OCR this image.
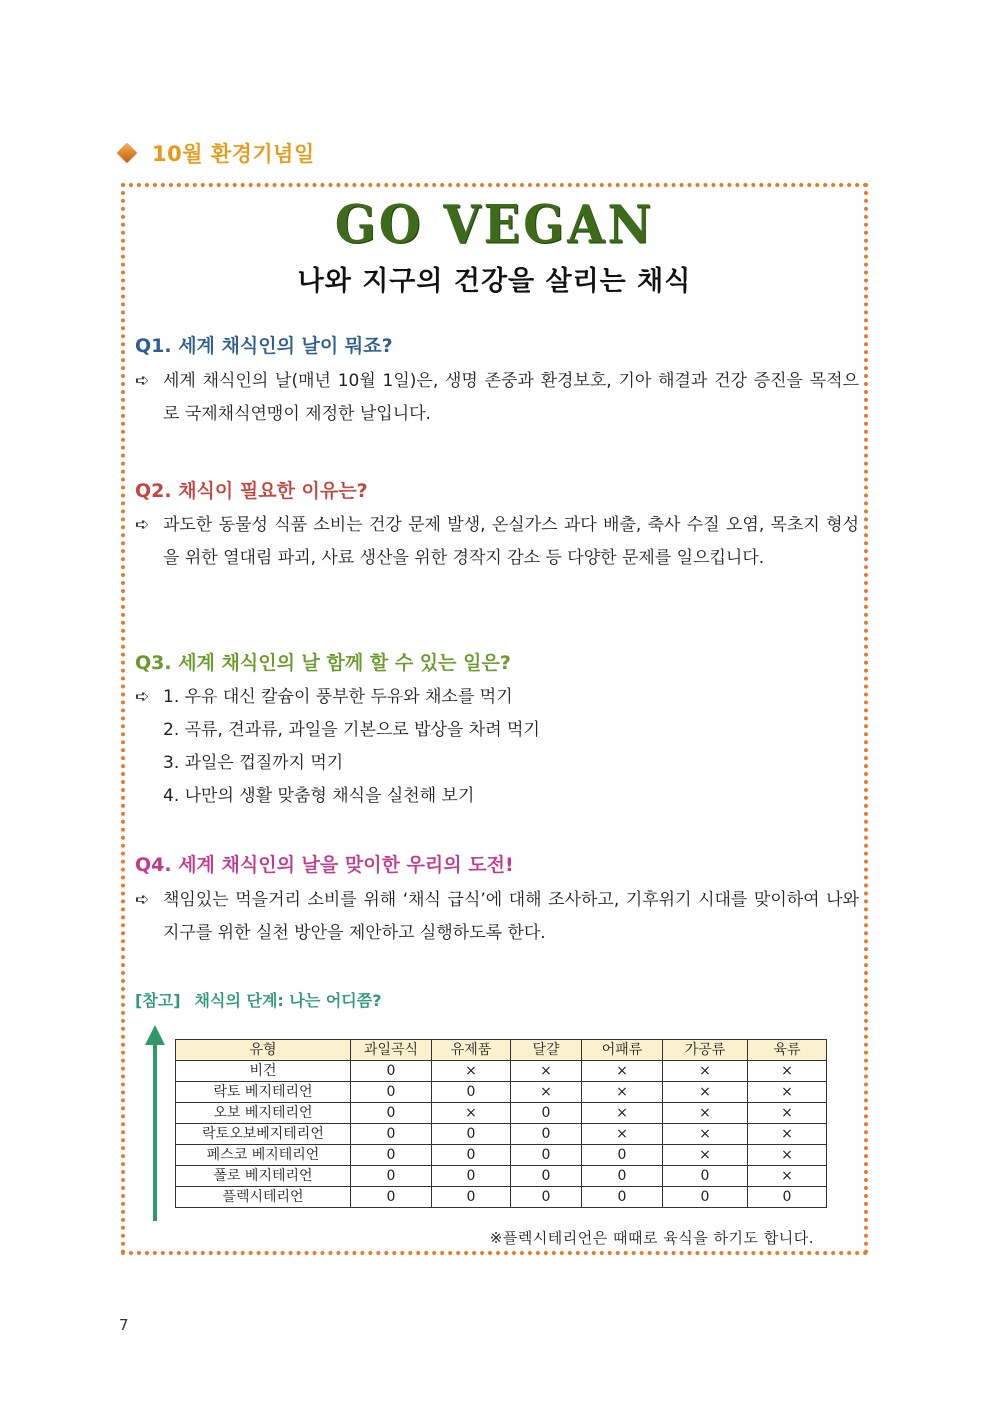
10월 환경기념일
GO VEGAN
나와 지구의 건강을 살리는 채식
Q1. 세계 채식인의 날이 뭐죠?
➪ 세계 채식인의 날(매년 10월 1일)은, 생명 존중과 환경보호, 기아 해결과 건강 증진을 목적으로 국제채식연맹이 제정한 날입니다.
Q2. 채식이 필요한 이유는?
➪ 과도한 동물성 식품 소비는 건강 문제 발생, 온실가스 과다 배출, 축사 수질 오염, 목초지 형성을 위한 열대림 파괴, 사료 생산을 위한 경작지 감소 등 다양한 문제를 일으킵니다.
Q3. 세계 채식인의 날 함께 할 수 있는 일은?
➪ 1. 우유 대신 칼슘이 풍부한 두유와 채소를 먹기
2. 곡류, 견과류, 과일을 기본으로 밥상을 차려 먹기
3. 과일은 껍질까지 먹기
4. 나만의 생활 맞춤형 채식을 실천해 보기
Q4. 세계 채식인의 날을 맞이한 우리의 도전!
➪ 책임있는 먹을거리 소비를 위해 ‘채식 급식’에 대해 조사하고, 기후위기 시대를 맞이하여 나와 지구를 위한 실천 방안을 제안하고 실행하도록 한다.
[참고] 채식의 단계: 나는 어디쯤?
유형	과일곡식	유제품	달걀	어패류	가공류	육류
비건	0	×	×	×	×	×
락토 베지테리언	0	0	×	×	×	×
오보 베지테리언	0	×	0	×	×	×
락토오보베지테리언	0	0	0	×	×	×
페스코 베지테리언	0	0	0	0	×	×
폴로 베지테리언	0	0	0	0	0	×
플렉시테리언	0	0	0	0	0	0
※플렉시테리언은 때때로 육식을 하기도 합니다.
7
